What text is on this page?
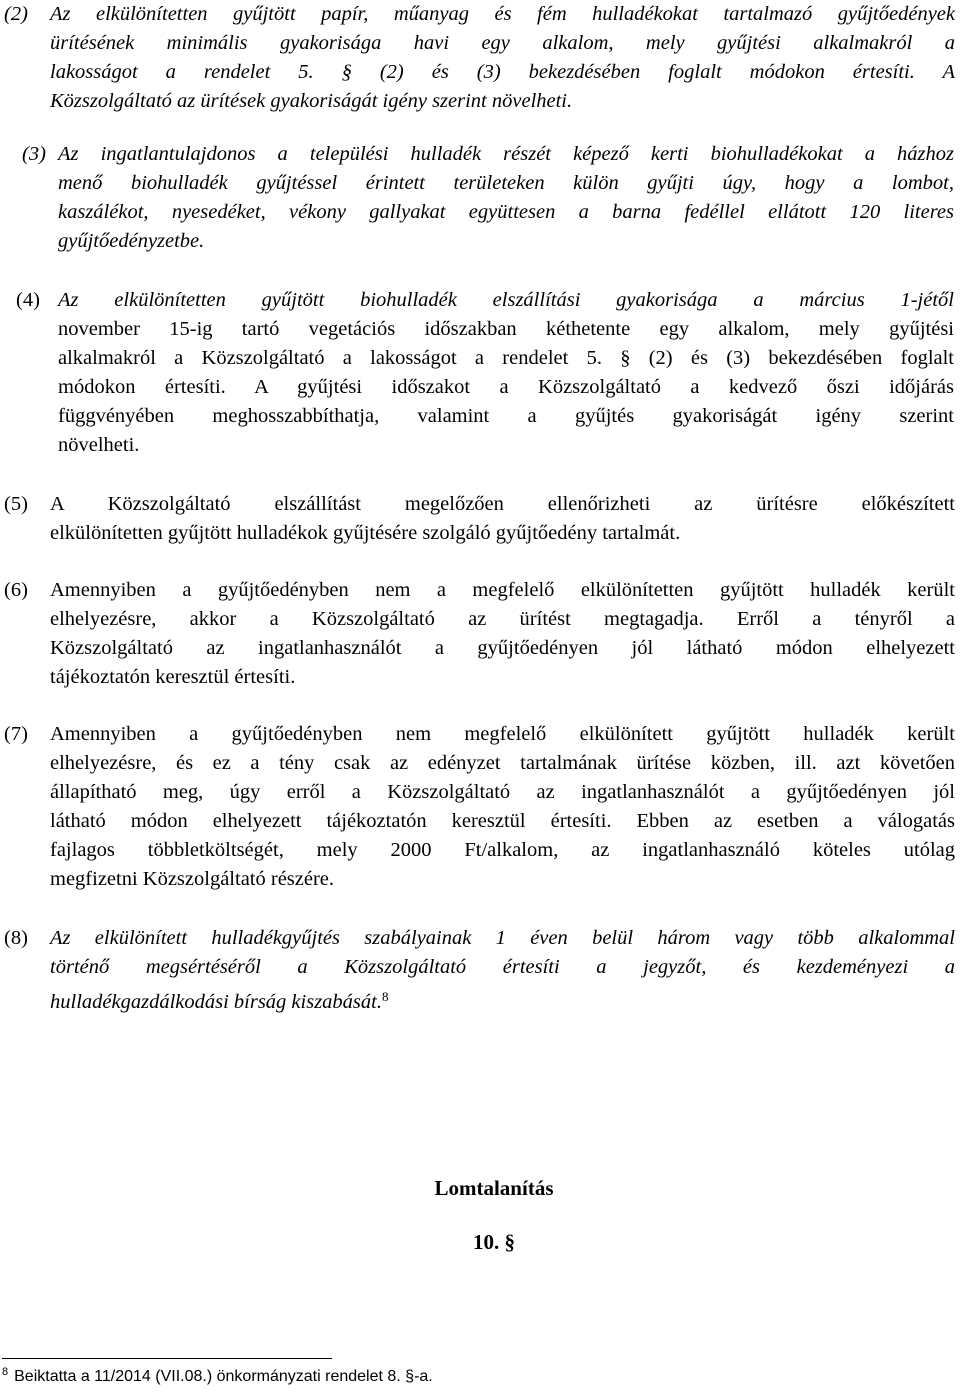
(2) Az elkülönítetten gyűjtött papír, műanyag és fém hulladékokat tartalmazó gyűjtőedények
ürítésének minimális gyakorisága havi egy alkalom, mely gyűjtési alkalmakról a
lakosságot a rendelet 5. § (2) és (3) bekezdésében foglalt módokon értesíti. A
Közszolgáltató az ürítések gyakoriságát igény szerint növelheti.
(3) Az ingatlantulajdonos a települési hulladék részét képező kerti biohulladékokat a házhoz
menő biohulladék gyűjtéssel érintett területeken külön gyűjti úgy, hogy a lombot,
kaszálékot, nyesedéket, vékony gallyakat együttesen a barna fedéllel ellátott 120 literes
gyűjtőedényzetbe.
(4) Az elkülönítetten gyűjtött biohulladék elszállítási gyakorisága a március 1-jétől
november 15-ig tartó vegetációs időszakban kéthetente egy alkalom, mely gyűjtési
alkalmakról a Közszolgáltató a lakosságot a rendelet 5. § (2) és (3) bekezdésében foglalt
módokon értesíti. A gyűjtési időszakot a Közszolgáltató a kedvező őszi időjárás
függvényében meghosszabbíthatja, valamint a gyűjtés gyakoriságát igény szerint
növelheti.
(5) A Közszolgáltató elszállítást megelőzően ellenőrizheti az ürítésre előkészített
elkülönítetten gyűjtött hulladékok gyűjtésére szolgáló gyűjtőedény tartalmát.
(6) Amennyiben a gyűjtőedényben nem a megfelelő elkülönítetten gyűjtött hulladék került
elhelyezésre, akkor a Közszolgáltató az ürítést megtagadja. Erről a tényről a
Közszolgáltató az ingatlanhasználót a gyűjtőedényen jól látható módon elhelyezett
tájékoztatón keresztül értesíti.
(7) Amennyiben a gyűjtőedényben nem megfelelő elkülönített gyűjtött hulladék került
elhelyezésre, és ez a tény csak az edényzet tartalmának ürítése közben, ill. azt követően
állapítható meg, úgy erről a Közszolgáltató az ingatlanhasználót a gyűjtőedényen jól
látható módon elhelyezett tájékoztatón keresztül értesíti. Ebben az esetben a válogatás
fajlagos többletköltségét, mely 2000 Ft/alkalom, az ingatlanhasználó köteles utólag
megfizetni Közszolgáltató részére.
(8) Az elkülönített hulladékgyűjtés szabályainak 1 éven belül három vagy több alkalommal
történő megsértéséről a Közszolgáltató értesíti a jegyzőt, és kezdeményezi a
hulladékgazdálkodási bírság kiszabását.$^8$
Lomtalanítás
10. §
$^8$ Beiktatta a 11/2014 (VII.08.) önkormányzati rendelet 8. §-a.
